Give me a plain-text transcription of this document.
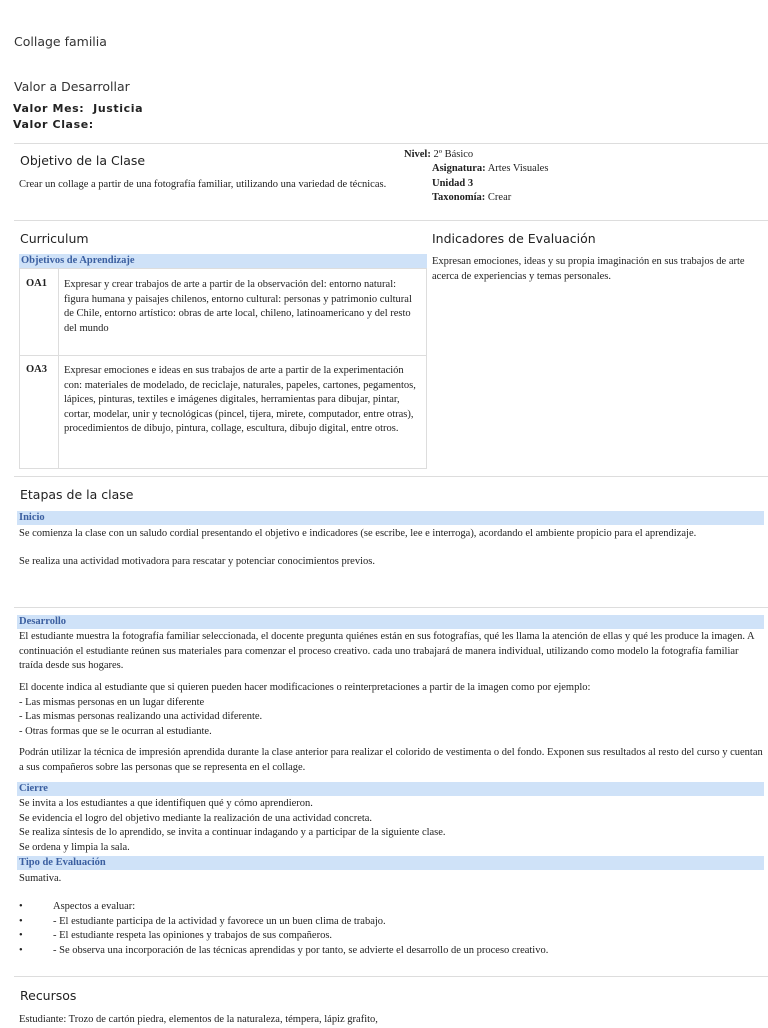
Collage familia
Valor a Desarrollar
Valor Mes: Justicia
Valor Clase:
Objetivo de la Clase

Crear un collage a partir de una fotografía familiar, utilizando una variedad de técnicas.

Nivel: 2º Básico
Asignatura: Artes Visuales
Unidad 3
Taxonomía: Crear
Curriculum
Objetivos de Aprendizaje
OA1	Expresar y crear trabajos de arte a partir de la observación del: entorno natural: figura humana y paisajes chilenos, entorno cultural: personas y patrimonio cultural de Chile, entorno artístico: obras de arte local, chileno, latinoamericano y del resto del mundo
OA3	Expresar emociones e ideas en sus trabajos de arte a partir de la experimentación con: materiales de modelado, de reciclaje, naturales, papeles, cartones, pegamentos, lápices, pinturas, textiles e imágenes digitales, herramientas para dibujar, pintar, cortar, modelar, unir y tecnológicas (pincel, tijera, mirete, computador, entre otras), procedimientos de dibujo, pintura, collage, escultura, dibujo digital, entre otros.
Indicadores de Evaluación

Expresan emociones, ideas y su propia imaginación en sus trabajos de arte acerca de experiencias y temas personales.

Etapas de la clase
Inicio

Se comienza la clase con un saludo cordial presentando el objetivo e indicadores (se escribe, lee e interroga), acordando el ambiente propicio para el aprendizaje.

Se realiza una actividad motivadora para rescatar y potenciar conocimientos previos.

Desarrollo

El estudiante muestra la fotografía familiar seleccionada, el docente pregunta quiénes están en sus fotografías, qué les llama la atención de ellas y qué les produce la imagen. A continuación el estudiante reúnen sus materiales para comenzar el proceso creativo. cada uno trabajará de manera individual, utilizando como modelo la fotografía familiar traída desde sus hogares.

El docente indica al estudiante que si quieren pueden hacer modificaciones o reinterpretaciones a partir de la imagen como por ejemplo:
- Las mismas personas en un lugar diferente
- Las mismas personas realizando una actividad diferente.
- Otras formas que se le ocurran al estudiante.

Podrán utilizar la técnica de impresión aprendida durante la clase anterior para realizar el colorido de vestimenta o del fondo. Exponen sus resultados al resto del curso y cuentan a sus compañeros sobre las personas que se representa en el collage.

Cierre
Se invita a los estudiantes a que identifiquen qué y cómo aprendieron.
Se evidencia el logro del objetivo mediante la realización de una actividad concreta.
Se realiza síntesis de lo aprendido, se invita a continuar indagando y a participar de la siguiente clase.
Se ordena y limpia la sala.
Tipo de Evaluación
Sumativa.
•	Aspectos a evaluar:
•	- El estudiante participa de la actividad y favorece un un buen clima de trabajo.
•	- El estudiante respeta las opiniones y trabajos de sus compañeros.
•	- Se observa una incorporación de las técnicas aprendidas y por tanto, se advierte el desarrollo de un proceso creativo.
Recursos

Estudiante: Trozo de cartón piedra, elementos de la naturaleza, témpera, lápiz grafito,
